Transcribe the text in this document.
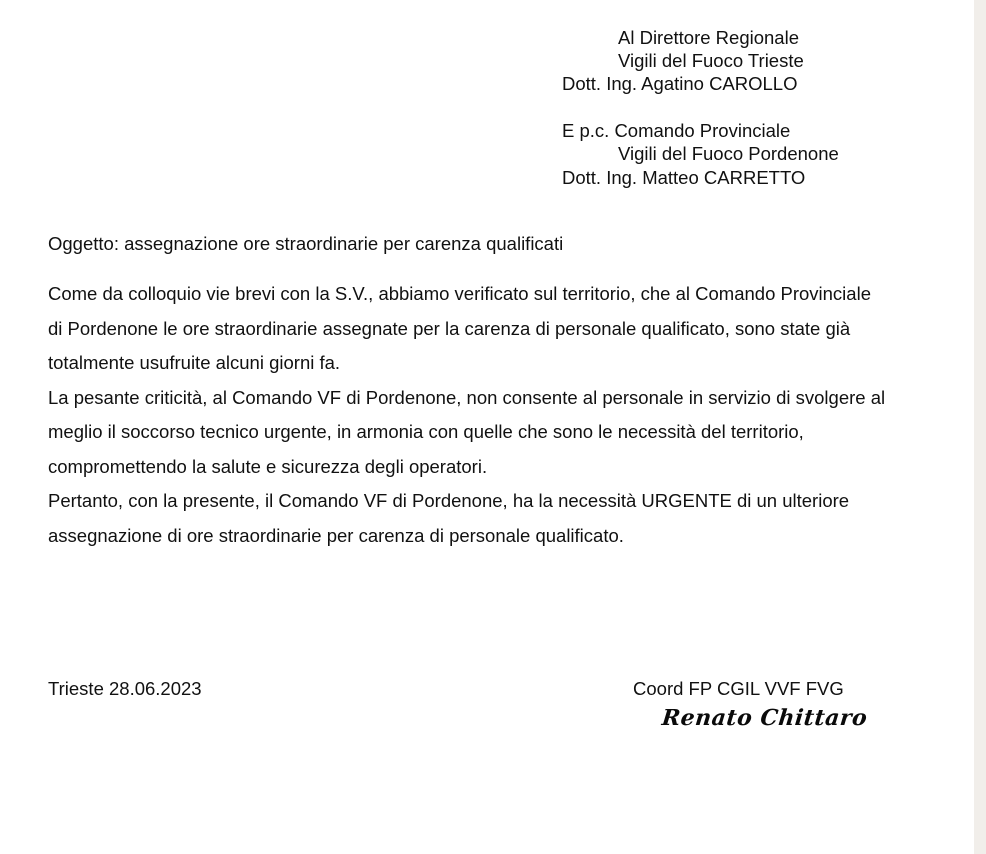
Al Direttore Regionale
Vigili del Fuoco Trieste
Dott. Ing. Agatino CAROLLO
E p.c. Comando Provinciale
Vigili del Fuoco Pordenone
Dott. Ing. Matteo CARRETTO
Oggetto: assegnazione ore straordinarie per carenza qualificati
Come da colloquio vie brevi con la S.V., abbiamo verificato sul territorio, che al Comando Provinciale
di Pordenone le ore straordinarie assegnate per la carenza di personale qualificato, sono state già
totalmente usufruite alcuni giorni fa.
La pesante criticità, al Comando VF di Pordenone, non consente al personale in servizio di svolgere al
meglio il soccorso tecnico urgente, in armonia con quelle che sono le necessità del territorio,
compromettendo la salute e sicurezza degli operatori.
Pertanto, con la presente, il Comando VF di Pordenone, ha la necessità URGENTE di un ulteriore
assegnazione di ore straordinarie per carenza di personale qualificato.
Trieste 28.06.2023	Coord FP CGIL VVF FVG
Renato Chittaro
